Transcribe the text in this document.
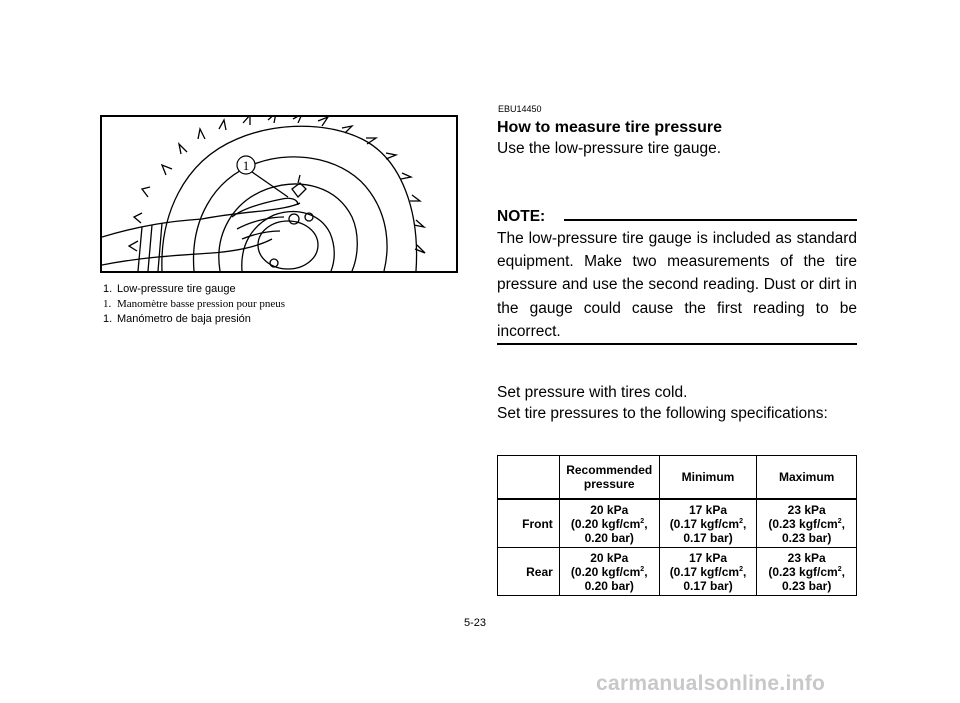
1
1. Low-pressure tire gauge
1. Manomètre basse pression pour pneus
1. Manómetro de baja presión
EBU14450
How to measure tire pressure
Use the low-pressure tire gauge.
NOTE:
The low-pressure tire gauge is included as standard equipment. Make two measurements of the tire pressure and use the second reading. Dust or dirt in the gauge could cause the first reading to be incorrect.
Set pressure with tires cold.
Set tire pressures to the following specifications:
	Recommended
pressure	Minimum	Maximum
Front	20 kPa
(0.20 kgf/$cm^2$,
0.20 bar)	17 kPa
(0.17 kgf/$cm^2$,
0.17 bar)	23 kPa
(0.23 kgf/$cm^2$,
0.23 bar)
Rear	20 kPa
(0.20 kgf/$cm^2$,
0.20 bar)	17 kPa
(0.17 kgf/$cm^2$,
0.17 bar)	23 kPa
(0.23 kgf/$cm^2$,
0.23 bar)
5-23
carmanualsonline.info
